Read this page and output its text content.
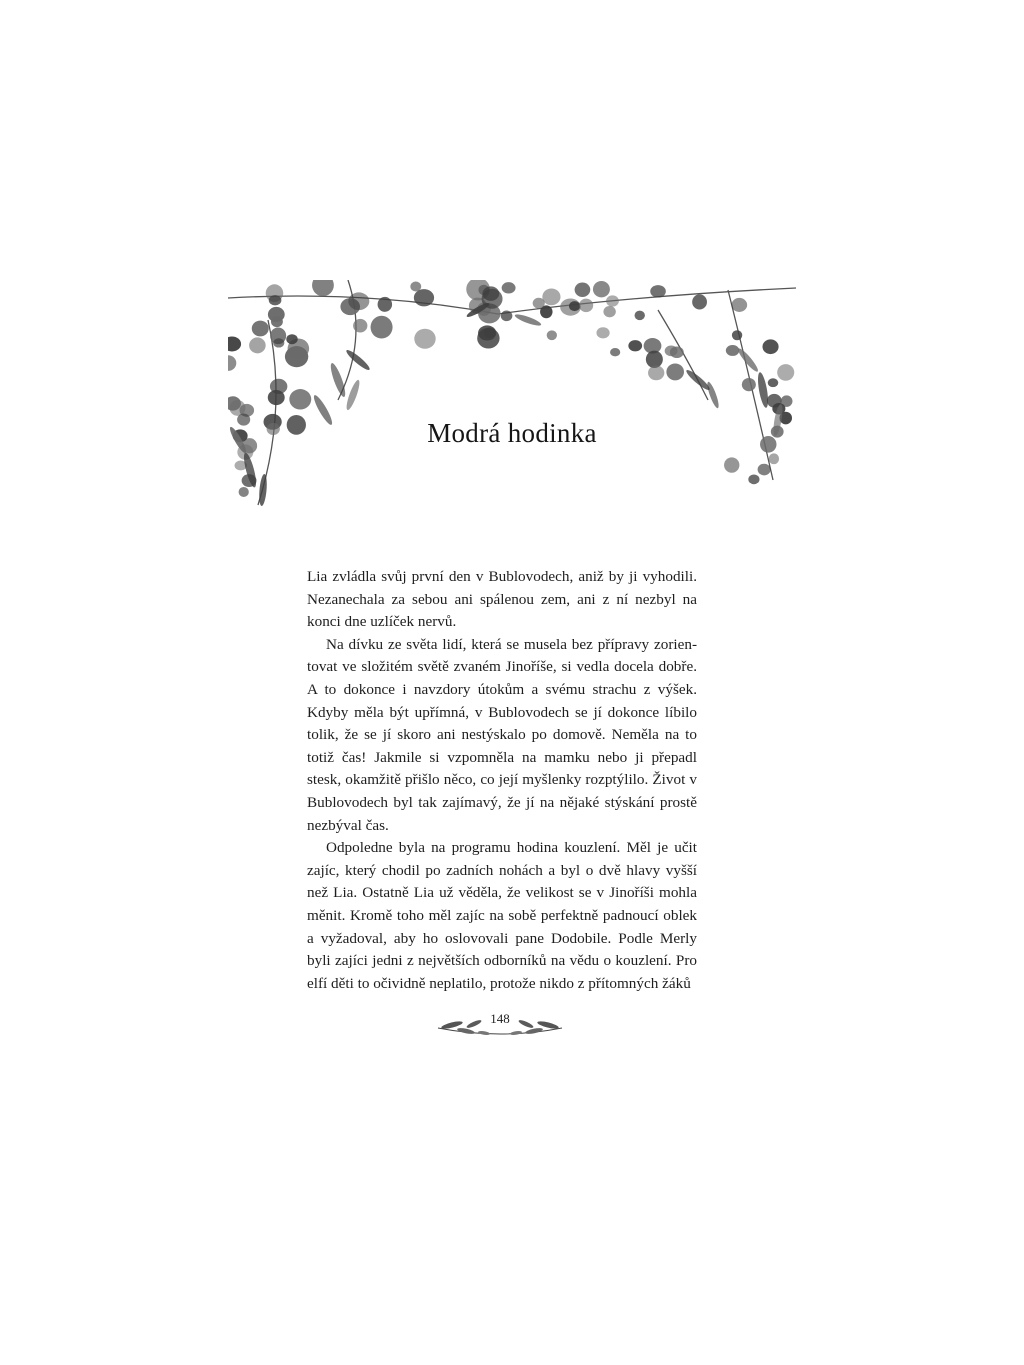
Modrá hodinka

Lia zvládla svůj první den v Bublovodech, aniž by ji vyhodili. Nezanechala za sebou ani spálenou zem, ani z ní nezbyl na konci dne uzlíček nervů.

Na dívku ze světa lidí, která se musela bez přípravy zorientovat ve složitém světě zvaném Jinoříše, si vedla docela dobře. A to dokonce i navzdory útokům a svému strachu z výšek. Kdyby měla být upřímná, v Bublovodech se jí dokonce líbilo tolik, že se jí skoro ani nestýskalo po domově. Neměla na to totiž čas! Jakmile si vzpomněla na mamku nebo ji přepadl stesk, okamžitě přišlo něco, co její myšlenky rozptýlilo. Život v Bublovodech byl tak zajímavý, že jí na nějaké stýskání prostě nezbýval čas.

Odpoledne byla na programu hodina kouzlení. Měl je učit zajíc, který chodil po zadních nohách a byl o dvě hlavy vyšší než Lia. Ostatně Lia už věděla, že velikost se v Jinoříši mohla měnit. Kromě toho měl zajíc na sobě perfektně padnoucí oblek a vyžadoval, aby ho oslovovali pane Dodobile. Podle Merly byli zajíci jedni z největších odborníků na vědu o kouzlení. Pro elfí děti to očividně neplatilo, protože nikdo z přítomných žáků

148
